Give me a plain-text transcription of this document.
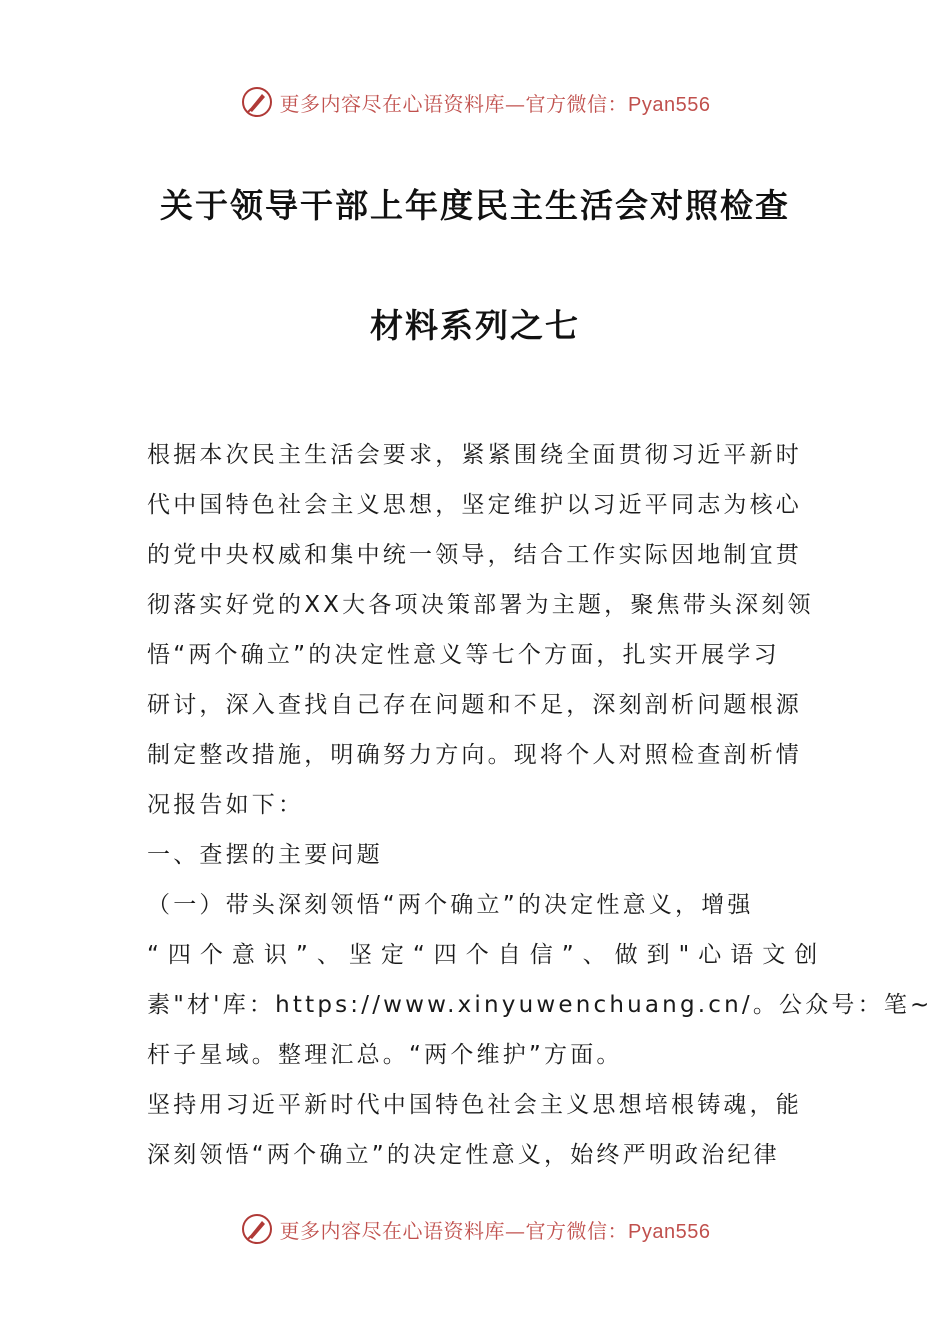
更多内容尽在心语资料库—官方微信：Pyan556
关于领导干部上年度民主生活会对照检查
材料系列之七
根据本次民主生活会要求，紧紧围绕全面贯彻习近平新时
代中国特色社会主义思想，坚定维护以习近平同志为核心
的党中央权威和集中统一领导，结合工作实际因地制宜贯
彻落实好党的XX大各项决策部署为主题，聚焦带头深刻领
悟“两个确立”的决定性意义等七个方面，扎实开展学习
研讨，深入查找自己存在问题和不足，深刻剖析问题根源
制定整改措施，明确努力方向。现将个人对照检查剖析情
况报告如下：
一、查摆的主要问题
（一）带头深刻领悟“两个确立”的决定性意义，增强
“四个意识”、坚定“四个自信”、做到"心语文创
素"材'库：https://www.xinyuwenchuang.cn/。公众号：笔~
杆子星域。整理汇总。“两个维护”方面。
坚持用习近平新时代中国特色社会主义思想培根铸魂，能
深刻领悟“两个确立”的决定性意义，始终严明政治纪律
更多内容尽在心语资料库—官方微信：Pyan556
